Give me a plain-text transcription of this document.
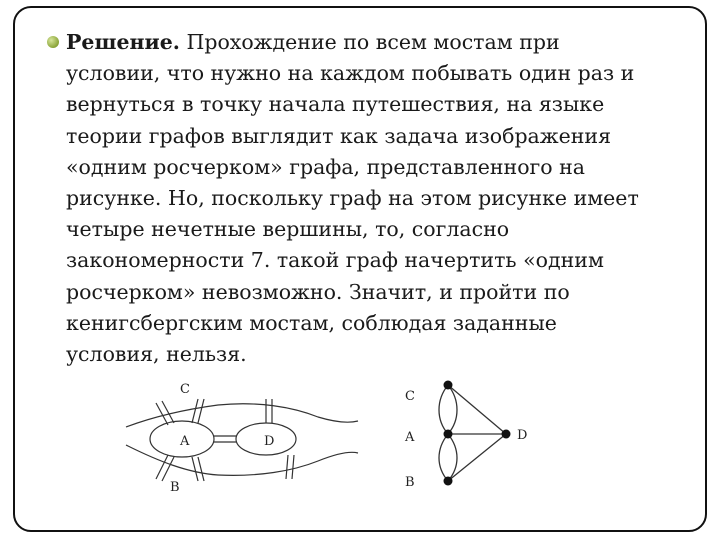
Решение. Прохождение по всем мостам при
условии, что нужно на каждом побывать один раз и
вернуться в точку начала путешествия, на языке
теории графов выглядит как задача изображения
«одним росчерком» графа, представленного на
рисунке. Но, поскольку граф на этом рисунке имеет
четыре нечетные вершины, то, согласно
закономерности 7. такой граф начертить «одним
росчерком» невозможно. Значит, и пройти по
кенигсбергским мостам, соблюдая заданные
условия, нельзя.

C
A	D
B
C
A	D
B
